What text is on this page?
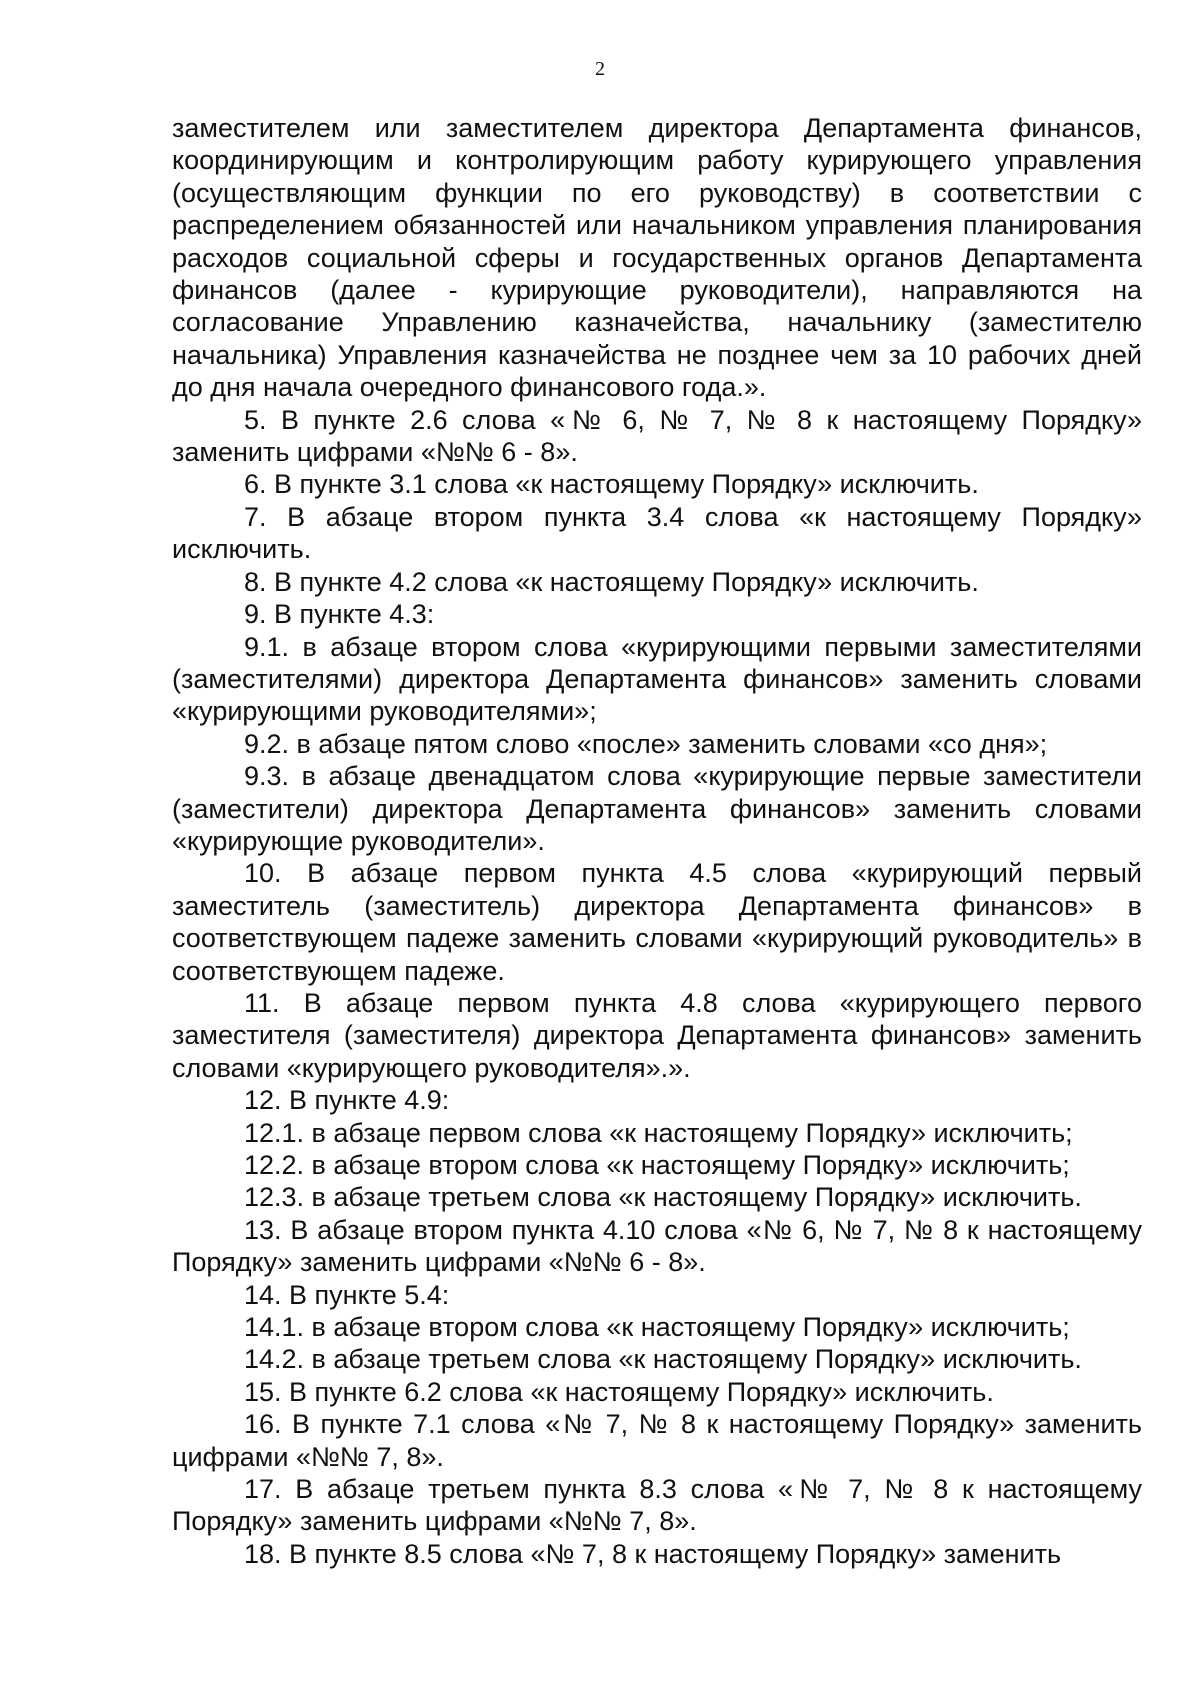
2

заместителем или заместителем директора Департамента финансов, координирующим и контролирующим работу курирующего управления (осуществляющим функции по его руководству) в соответствии с распределением обязанностей или начальником управления планирования расходов социальной сферы и государственных органов Департамента финансов (далее - курирующие руководители), направляются на согласование Управлению казначейства, начальнику (заместителю начальника) Управления казначейства не позднее чем за 10 рабочих дней до дня начала очередного финансового года.».

5. В пункте 2.6 слова «№ 6, № 7, № 8 к настоящему Порядку» заменить цифрами «№№ 6 - 8».

6. В пункте 3.1 слова «к настоящему Порядку» исключить.

7. В абзаце втором пункта 3.4 слова «к настоящему Порядку» исключить.

8. В пункте 4.2 слова «к настоящему Порядку» исключить.

9. В пункте 4.3:

9.1. в абзаце втором слова «курирующими первыми заместителями (заместителями) директора Департамента финансов» заменить словами «курирующими руководителями»;

9.2. в абзаце пятом слово «после» заменить словами «со дня»;

9.3. в абзаце двенадцатом слова «курирующие первые заместители (заместители) директора Департамента финансов» заменить словами «курирующие руководители».

10. В абзаце первом пункта 4.5 слова «курирующий первый заместитель (заместитель) директора Департамента финансов» в соответствующем падеже заменить словами «курирующий руководитель» в соответствующем падеже.

11. В абзаце первом пункта 4.8 слова «курирующего первого заместителя (заместителя) директора Департамента финансов» заменить словами «курирующего руководителя».».

12. В пункте 4.9:

12.1. в абзаце первом слова «к настоящему Порядку» исключить;

12.2. в абзаце втором слова «к настоящему Порядку» исключить;

12.3. в абзаце третьем слова «к настоящему Порядку» исключить.

13. В абзаце втором пункта 4.10 слова «№ 6, № 7, № 8 к настоящему Порядку» заменить цифрами «№№ 6 - 8».

14. В пункте 5.4:

14.1. в абзаце втором слова «к настоящему Порядку» исключить;

14.2. в абзаце третьем слова «к настоящему Порядку» исключить.

15. В пункте 6.2 слова «к настоящему Порядку» исключить.

16. В пункте 7.1 слова «№ 7, № 8 к настоящему Порядку» заменить цифрами «№№ 7, 8».

17. В абзаце третьем пункта 8.3 слова «№ 7, № 8 к настоящему Порядку» заменить цифрами «№№ 7, 8».

18. В пункте 8.5 слова «№ 7, 8 к настоящему Порядку» заменить
